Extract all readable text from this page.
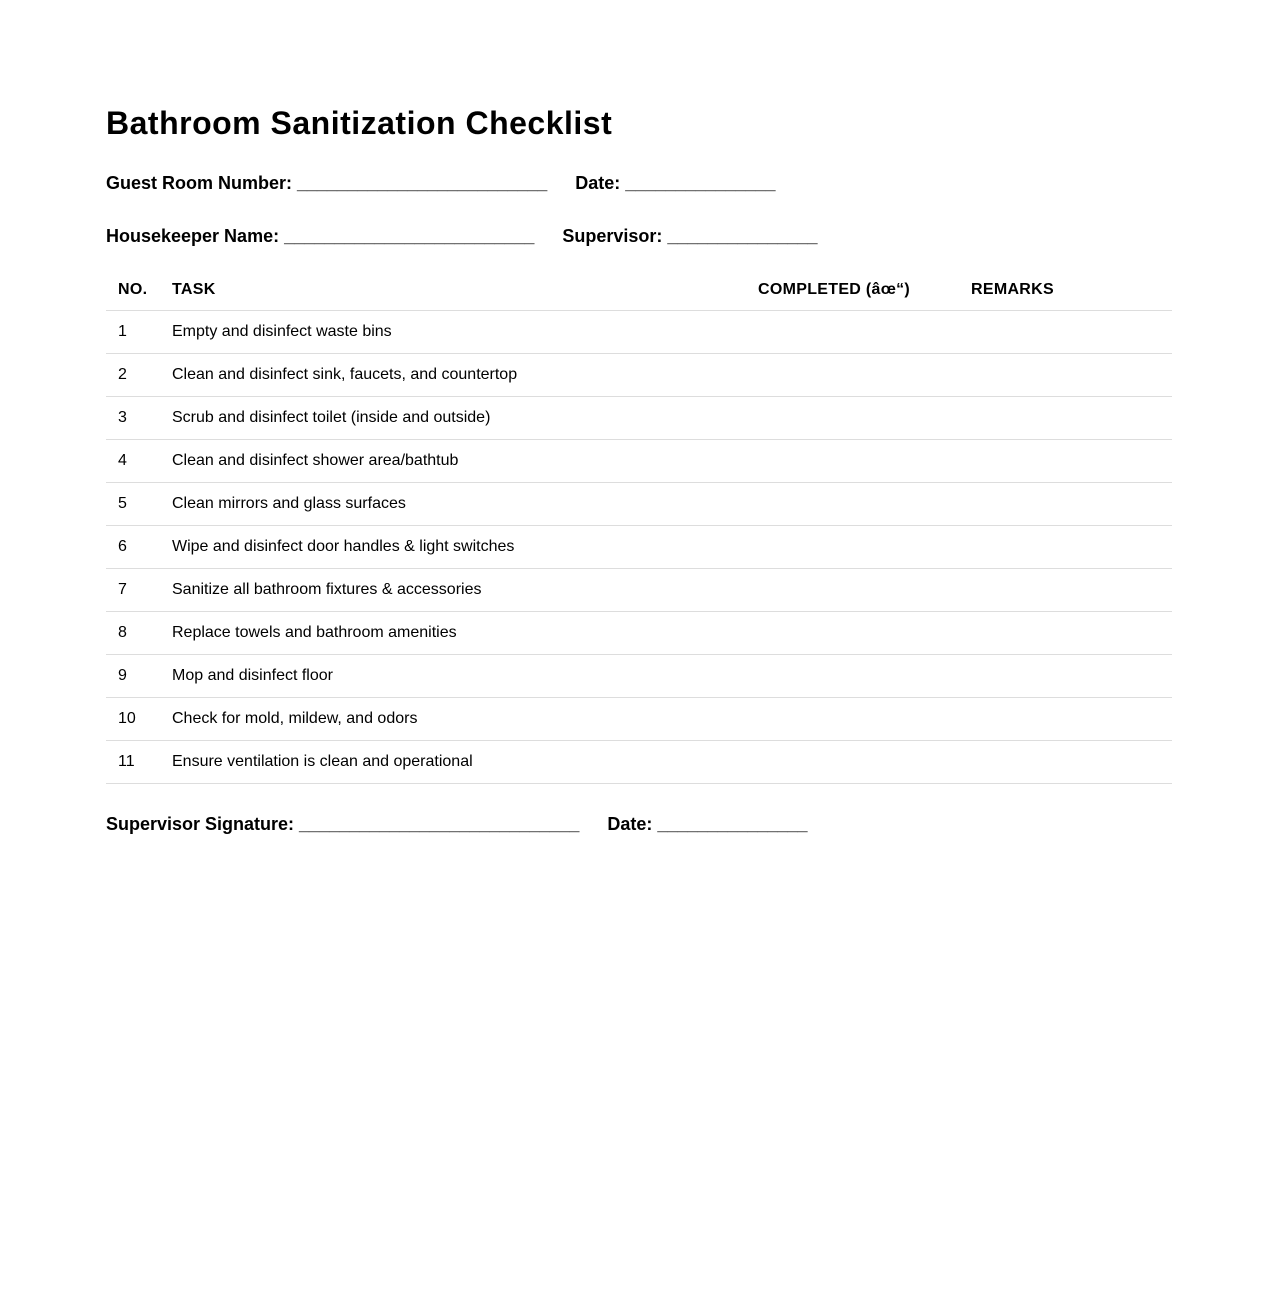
Bathroom Sanitization Checklist
Guest Room Number: _________________________ Date: _______________
Housekeeper Name: _________________________ Supervisor: _______________
NO.	TASK	COMPLETED (âœ“)	REMARKS
1	Empty and disinfect waste bins		
2	Clean and disinfect sink, faucets, and countertop		
3	Scrub and disinfect toilet (inside and outside)		
4	Clean and disinfect shower area/bathtub		
5	Clean mirrors and glass surfaces		
6	Wipe and disinfect door handles & light switches		
7	Sanitize all bathroom fixtures & accessories		
8	Replace towels and bathroom amenities		
9	Mop and disinfect floor		
10	Check for mold, mildew, and odors		
11	Ensure ventilation is clean and operational		
Supervisor Signature: ____________________________ Date: _______________
